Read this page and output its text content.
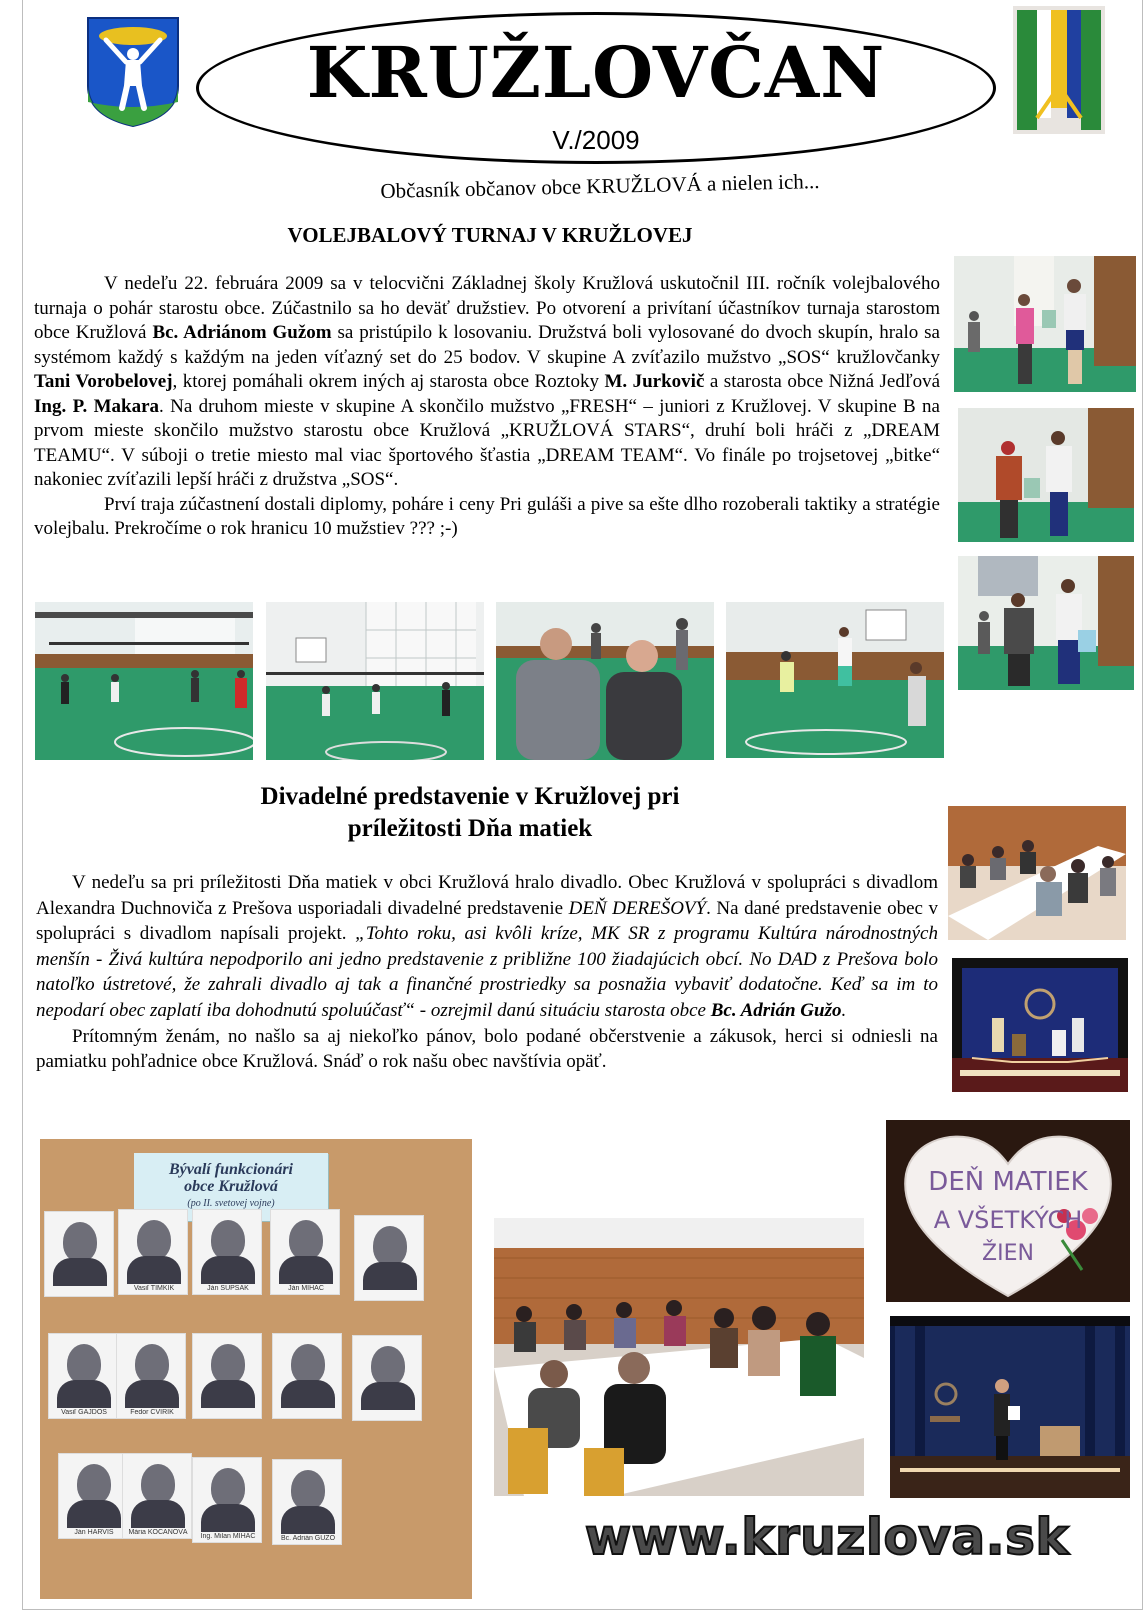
KRUŽLOVČAN
V./2009
Občasník občanov obce KRUŽLOVÁ a nielen ich...
VOLEJBALOVÝ TURNAJ V KRUŽLOVEJ

V nedeľu 22. februára 2009 sa v telocvični Základnej školy Kružlová uskutočnil III. ročník volejbalového turnaja o pohár starostu obce. Zúčastnilo sa ho deväť družstiev. Po otvorení a privítaní účastníkov turnaja starostom obce Kružlová Bc. Adriánom Gužom sa pristúpilo k losovaniu. Družstvá boli vylosované do dvoch skupín, hralo sa systémom každý s každým na jeden víťazný set do 25 bodov. V skupine A zvíťazilo mužstvo „SOS“ kružlovčanky Tani Vorobelovej, ktorej pomáhali okrem iných aj starosta obce Roztoky M. Jurkovič a starosta obce Nižná Jedľová Ing. P. Makara. Na druhom mieste v skupine A skončilo mužstvo „FRESH“ – juniori z Kružlovej. V skupine B na prvom mieste skončilo mužstvo starostu obce Kružlová „KRUŽLOVÁ STARS“, druhí boli hráči z „DREAM TEAMU“. V súboji o tretie miesto mal viac športového šťastia „DREAM TEAM“. Vo finále po trojsetovej „bitke“ nakoniec zvíťazili lepší hráči z družstva „SOS“.

Prví traja zúčastnení dostali diplomy, poháre i ceny Pri guláši a pive sa ešte dlho rozoberali taktiky a stratégie volejbalu. Prekročíme o rok hranicu 10 mužstiev ??? ;-)

Divadelné predstavenie v Kružlovej pri
príležitosti Dňa matiek

V nedeľu sa pri príležitosti Dňa matiek v obci Kružlová hralo divadlo. Obec Kružlová v spolupráci s divadlom Alexandra Duchnoviča z Prešova usporiadali divadelné predstavenie DEŇ DEREŠOVÝ. Na dané predstavenie obec v spolupráci s divadlom napísali projekt. „Tohto roku, asi kvôli kríze, MK SR z programu Kultúra národnostných menšín - Živá kultúra nepodporilo ani jedno predstavenie z približne 100 žiadajúcich obcí. No DAD z Prešova bolo natoľko ústretové, že zahrali divadlo aj tak a finančné prostriedky sa posnažia vybaviť dodatočne. Keď sa im to nepodarí obec zaplatí iba dohodnutú spoluúčasť“ - ozrejmil danú situáciu starosta obce Bc. Adrián Gužo.

Prítomným ženám, no našlo sa aj niekoľko pánov, bolo podané občerstvenie a zákusok, herci si odniesli na pamiatku pohľadnice obce Kružlová. Snáď o rok našu obec navštívia opäť.

Bývalí funkcionári
obce Kružlová
(po II. svetovej vojne)
Vasiľ TIMKIK	Ján ŠUPŠÁK	Ján MIHAC
Vasiľ GAJDOŠ	Fedor ČVIRIK
Ján HARVIŠ	Mária KOČANOVÁ
Ing. Milan MIHAC	Bc. Adrián GUŽO
DEŇ MATIEK
A VŠETKÝCH
ŽIEN
www.kruzlova.sk
